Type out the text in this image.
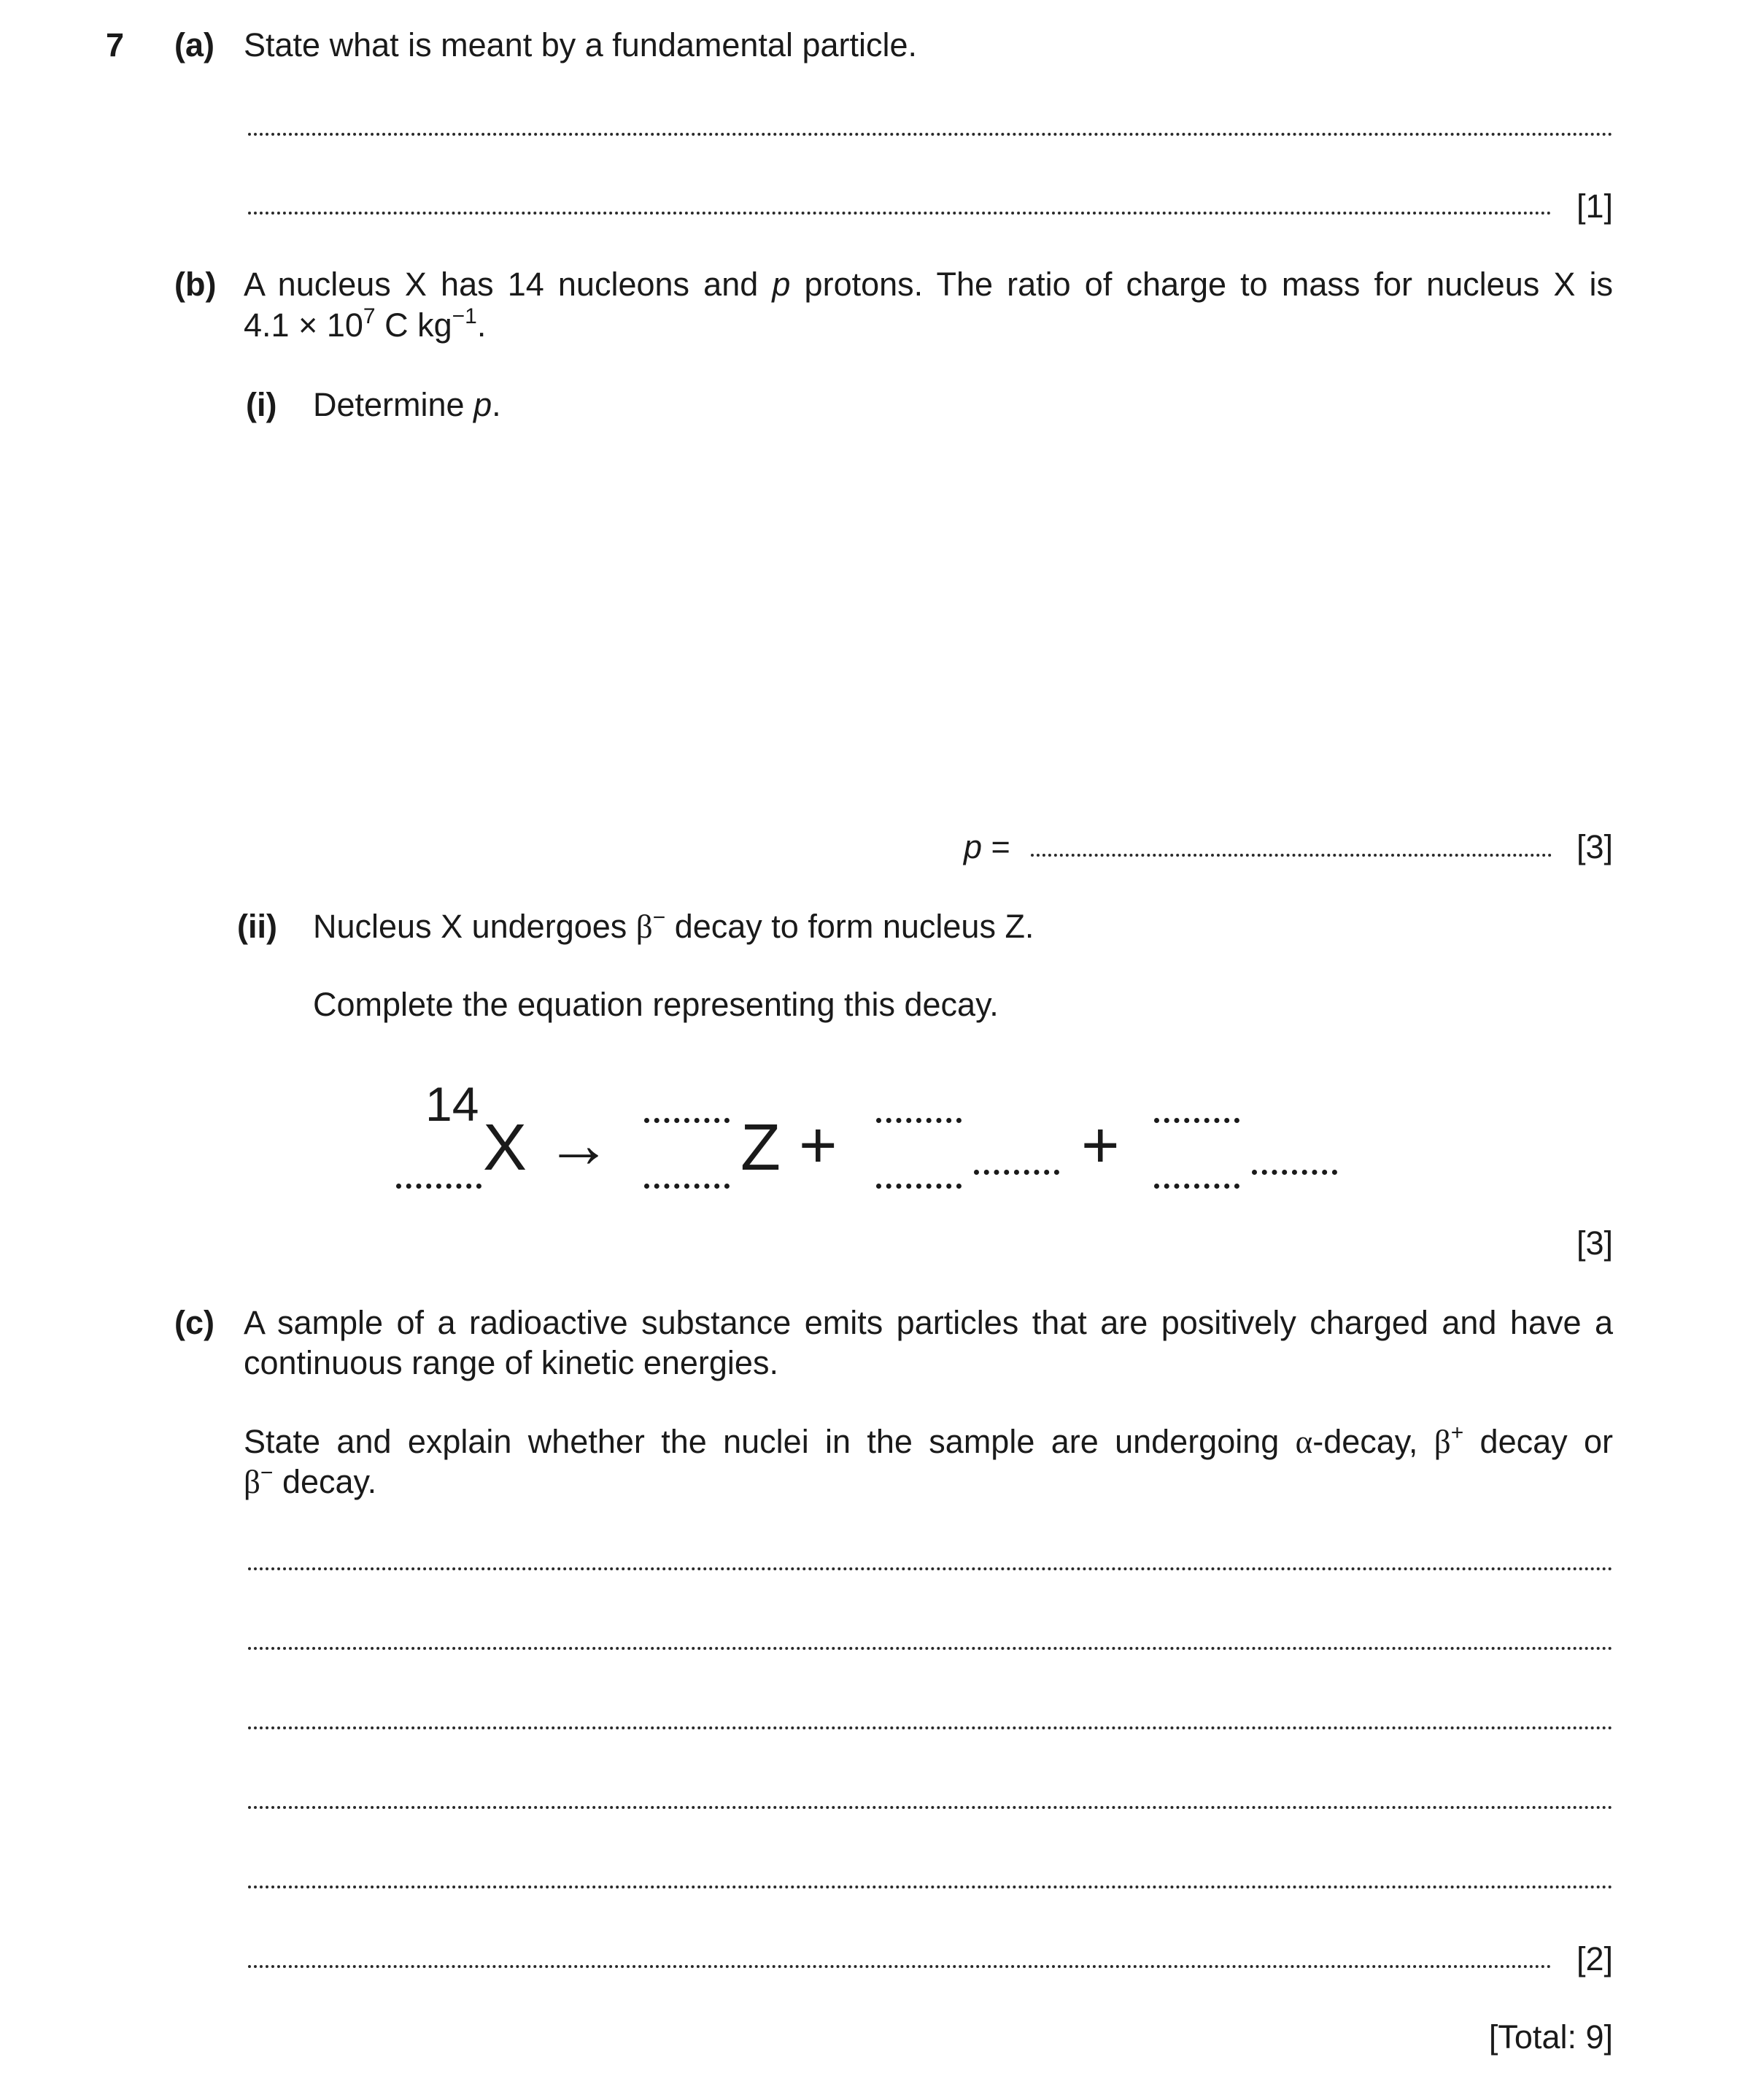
7 (a) State what is meant by a fundamental particle.
[1]
(b) A nucleus X has 14 nucleons and p protons. The ratio of charge to mass for nucleus X is
$4.1 \times 10^7$ C $kg^{-1}$.
(i) Determine p.
p =	[3]
(ii) Nucleus X undergoes β− decay to form nucleus Z.
Complete the equation representing this decay.
14
X → Z +	+
[3]
(c) A sample of a radioactive substance emits particles that are positively charged and have a
continuous range of kinetic energies.
State and explain whether the nuclei in the sample are undergoing α-decay, β+ decay or
β− decay.
[2]
[Total: 9]
